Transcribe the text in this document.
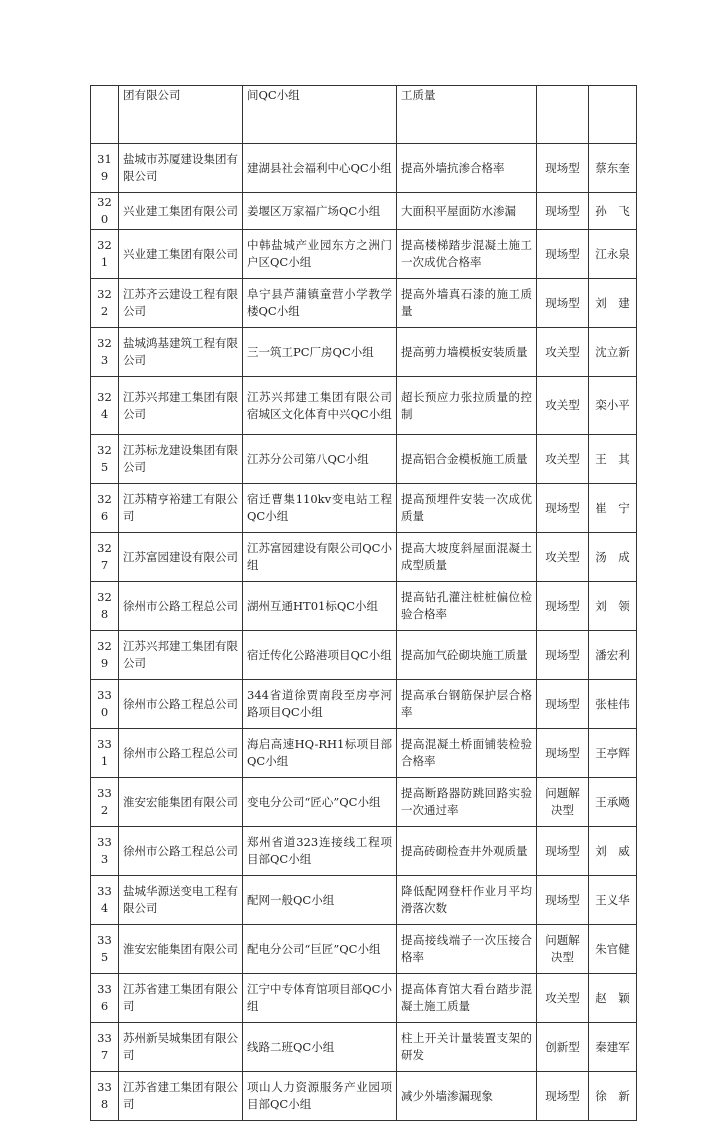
	团有限公司	间QC小组	工质量		
319	盐城市苏厦建设集团有限公司	建湖县社会福利中心QC小组	提高外墙抗渗合格率	现场型	蔡东奎
320	兴业建工集团有限公司	姜堰区万家福广场QC小组	大面积平屋面防水渗漏	现场型	孙　飞
321	兴业建工集团有限公司	中韩盐城产业园东方之洲门户区QC小组	提高楼梯踏步混凝土施工一次成优合格率	现场型	江永泉
322	江苏齐云建设工程有限公司	阜宁县芦蒲镇童营小学教学楼QC小组	提高外墙真石漆的施工质量	现场型	刘　建
323	盐城鸿基建筑工程有限公司	三一筑工PC厂房QC小组	提高剪力墙模板安装质量	攻关型	沈立新
324	江苏兴邦建工集团有限公司	江苏兴邦建工集团有限公司宿城区文化体育中兴QC小组	超长预应力张拉质量的控制	攻关型	栾小平
325	江苏标龙建设集团有限公司	江苏分公司第八QC小组	提高铝合金模板施工质量	攻关型	王　其
326	江苏精亨裕建工有限公司	宿迁曹集110kv变电站工程QC小组	提高预埋件安装一次成优质量	现场型	崔　宁
327	江苏富园建设有限公司	江苏富园建设有限公司QC小组	提高大坡度斜屋面混凝土成型质量	攻关型	汤　成
328	徐州市公路工程总公司	湖州互通HT01标QC小组	提高钻孔灌注桩桩偏位检验合格率	现场型	刘　领
329	江苏兴邦建工集团有限公司	宿迁传化公路港项目QC小组	提高加气砼砌块施工质量	现场型	潘宏利
330	徐州市公路工程总公司	344省道徐贾南段至房亭河路项目QC小组	提高承台钢筋保护层合格率	现场型	张桂伟
331	徐州市公路工程总公司	海启高速HQ-RH1标项目部QC小组	提高混凝土桥面铺装检验合格率	现场型	王亭辉
332	淮安宏能集团有限公司	变电分公司“匠心”QC小组	提高断路器防跳回路实验一次通过率	问题解决型	王承飏
333	徐州市公路工程总公司	郑州省道323连接线工程项目部QC小组	提高砖砌检查井外观质量	现场型	刘　威
334	盐城华源送变电工程有限公司	配网一般QC小组	降低配网登杆作业月平均滑落次数	现场型	王义华
335	淮安宏能集团有限公司	配电分公司“巨匠”QC小组	提高接线端子一次压接合格率	问题解决型	朱官健
336	江苏省建工集团有限公司	江宁中专体育馆项目部QC小组	提高体育馆大看台踏步混凝土施工质量	攻关型	赵　颖
337	苏州新吴城集团有限公司	线路二班QC小组	柱上开关计量装置支架的研发	创新型	秦建军
338	江苏省建工集团有限公司	项山人力资源服务产业园项目部QC小组	减少外墙渗漏现象	现场型	徐　新
